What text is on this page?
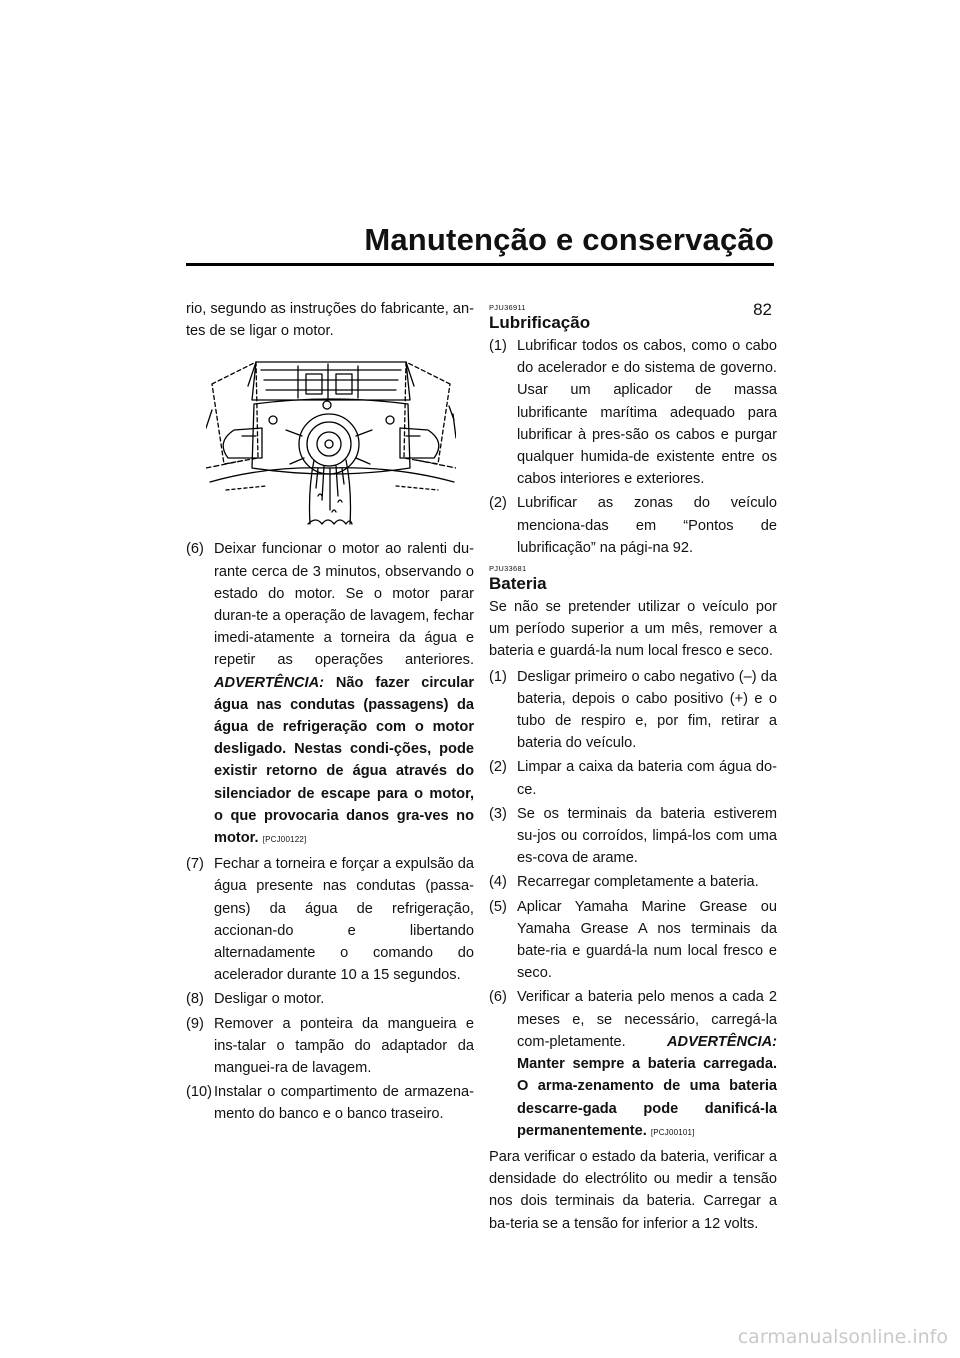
Manutenção e conservação
82

rio, segundo as instruções do fabricante, an-tes de se ligar o motor.

(6) Deixar funcionar o motor ao ralenti du-rante cerca de 3 minutos, observando o estado do motor. Se o motor parar duran-te a operação de lavagem, fechar imedi-atamente a torneira da água e repetir as operações anteriores. ADVERTÊNCIA: Não fazer circular água nas condutas (passagens) da água de refrigeração com o motor desligado. Nestas condi-ções, pode existir retorno de água através do silenciador de escape para o motor, o que provocaria danos gra-ves no motor. [PCJ00122]
(7) Fechar a torneira e forçar a expulsão da água presente nas condutas (passa-gens) da água de refrigeração, accionan-do e libertando alternadamente o comando do acelerador durante 10 a 15 segundos.
(8) Desligar o motor.
(9) Remover a ponteira da mangueira e ins-talar o tampão do adaptador da manguei-ra de lavagem.
(10) Instalar o compartimento de armazena-mento do banco e o banco traseiro.
PJU36911
Lubrificação
(1) Lubrificar todos os cabos, como o cabo do acelerador e do sistema de governo. Usar um aplicador de massa lubrificante marítima adequado para lubrificar à pres-são os cabos e purgar qualquer humida-de existente entre os cabos interiores e exteriores.
(2) Lubrificar as zonas do veículo menciona-das em “Pontos de lubrificação” na pági-na 92.
PJU33681
Bateria

Se não se pretender utilizar o veículo por um período superior a um mês, remover a bateria e guardá-la num local fresco e seco.

(1) Desligar primeiro o cabo negativo (–) da bateria, depois o cabo positivo (+) e o tubo de respiro e, por fim, retirar a bateria do veículo.
(2) Limpar a caixa da bateria com água do-ce.
(3) Se os terminais da bateria estiverem su-jos ou corroídos, limpá-los com uma es-cova de arame.
(4) Recarregar completamente a bateria.
(5) Aplicar Yamaha Marine Grease ou Yamaha Grease A nos terminais da bate-ria e guardá-la num local fresco e seco.
(6) Verificar a bateria pelo menos a cada 2 meses e, se necessário, carregá-la com-pletamente.	ADVERTÊNCIA: Manter sempre a bateria carregada. O arma-zenamento de uma bateria descarre-gada pode danificá-la permanentemente. [PCJ00101]

Para verificar o estado da bateria, verificar a densidade do electrólito ou medir a tensão nos dois terminais da bateria. Carregar a ba-teria se a tensão for inferior a 12 volts.

carmanualsonline.info
